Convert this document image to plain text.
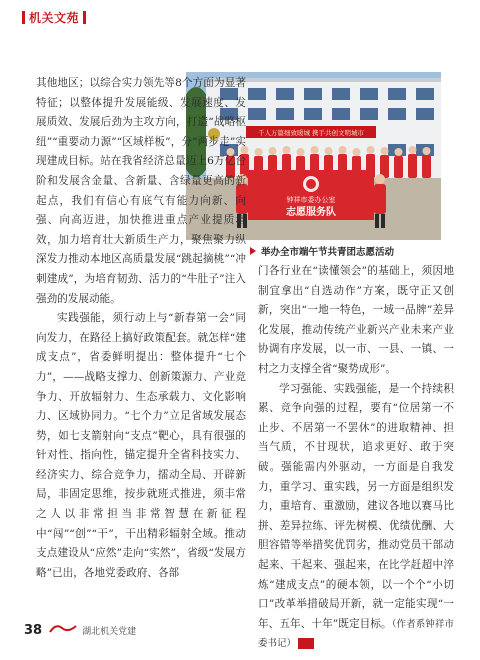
机关文苑
千人万篇细致暖城 携手共创文明城市
钟祥市委办公室
志愿服务队
举办全市端午节共青团志愿活动

其他地区；以综合实力领先等8个方面为显著特征；以整体提升发展能级、发展速度、发展质效、发展后劲为主攻方向，打造“战略枢纽”“重要动力源”“区域样板”，分“两步走”实现建成目标。站在我省经济总量迈上6万亿台阶和发展含金量、含新量、含绿量更高的新起点，我们有信心有底气有能力向新、向强、向高迈进，加快推进重点产业提质增效，加力培育壮大新质生产力，聚焦聚力纵深发力推动本地区高质量发展“跳起摘桃”“冲刺建成”，为培育韧劲、活力的“牛肚子”注入强劲的发展动能。

实践强能，须行动上与“新春第一会”同向发力，在路径上搞好政策配套。就怎样“建成支点”，省委鲜明提出：整体提升“七个力”，——战略支撑力、创新策源力、产业竞争力、开放辐射力、生态承载力、文化影响力、区域协同力。“七个力”立足省域发展态势，如七支箭射向“支点”靶心，具有很强的针对性、指向性，锚定提升全省科技实力、经济实力、综合竞争力，擂动全局、开辟新局，非固定思维，按步就班式推进，须丰常之人以非常担当非常智慧在新征程中“闯”“创”“干”，干出精彩辐射全域。推动支点建设从“应然”走向“实然”，省级“发展方略”已出，各地党委政府、各部

门各行业在“读懂领会”的基础上，须因地制宜拿出“自选动作”方案，既守正又创新，突出“一地一特色，一域一品牌”差异化发展，推动传统产业新兴产业未来产业协调有序发展，以一市、一县、一镇、一村之力支撑全省“聚势成形”。

学习强能、实践强能，是一个持续积累、竞争向强的过程，要有“位居第一不止步、不居第一不罢休”的进取精神、担当气质，不甘现状，追求更好、敢于突破。强能需内外驱动，一方面是自我发力，重学习、重实践，另一方面是组织发力，重培育、重激励，建议各地以赛马比拼、差异拉练、评先树模、优绩优酬、大胆容错等举措奖优罚劣，推动党员干部动起来、干起来、强起来，在比学赶超中淬炼“建成支点”的硬本领，以一个个“小切口”改革举措破局开新，就一定能实现“一年、五年、十年”既定目标。（作者系钟祥市委书记）	党建

38	湖北机关党建
